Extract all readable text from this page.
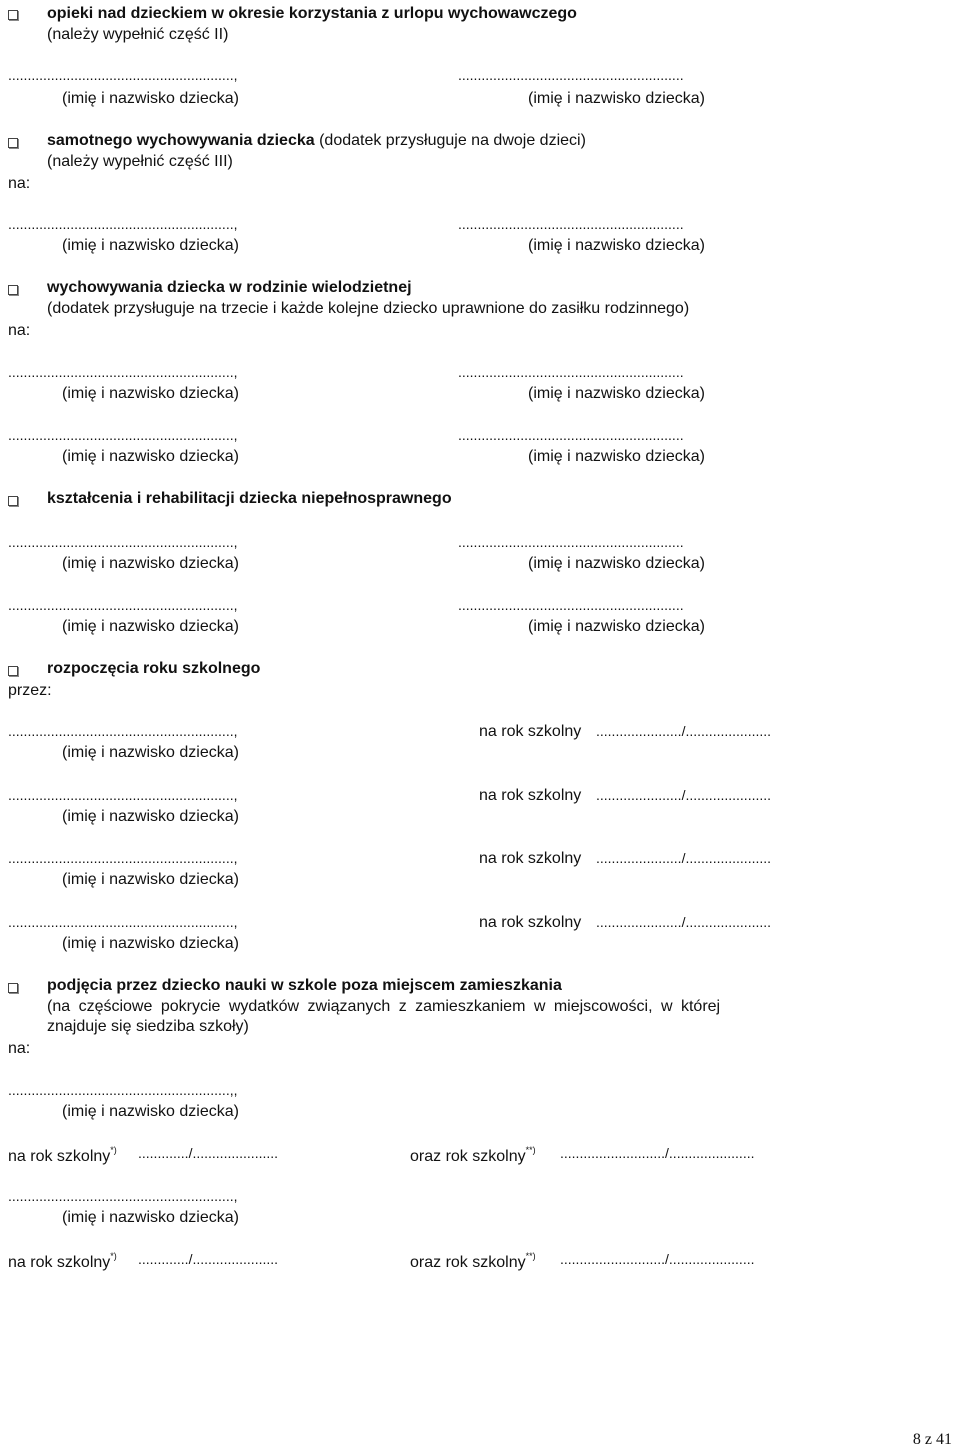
opieki nad dzieckiem w okresie korzystania z urlopu wychowawczego
(należy wypełnić część II)
..........................................................,	..........................................................
(imię i nazwisko dziecka)	(imię i nazwisko dziecka)
samotnego wychowywania dziecka (dodatek przysługuje na dwoje dzieci)
(należy wypełnić część III)
na:
..........................................................,	..........................................................
(imię i nazwisko dziecka)	(imię i nazwisko dziecka)
wychowywania dziecka w rodzinie wielodzietnej
(dodatek przysługuje na trzecie i każde kolejne dziecko uprawnione do zasiłku rodzinnego)
na:
..........................................................,	..........................................................
(imię i nazwisko dziecka)	(imię i nazwisko dziecka)
..........................................................,	..........................................................
(imię i nazwisko dziecka)	(imię i nazwisko dziecka)
kształcenia i rehabilitacji dziecka niepełnosprawnego
..........................................................,	..........................................................
(imię i nazwisko dziecka)	(imię i nazwisko dziecka)
..........................................................,	..........................................................
(imię i nazwisko dziecka)	(imię i nazwisko dziecka)
rozpoczęcia roku szkolnego
przez:
..........................................................,	na rok szkolny ....................../......................
(imię i nazwisko dziecka)
..........................................................,	na rok szkolny ....................../......................
(imię i nazwisko dziecka)
..........................................................,	na rok szkolny ....................../......................
(imię i nazwisko dziecka)
..........................................................,	na rok szkolny ....................../......................
(imię i nazwisko dziecka)
podjęcia przez dziecko nauki w szkole poza miejscem zamieszkania
(na częściowe pokrycie wydatków związanych z zamieszkaniem w miejscowości, w której
znajduje się siedziba szkoły)
na:
.........................................................,,
(imię i nazwisko dziecka)
na rok szkolny*) ............./......................	oraz rok szkolny**) .........................../......................
..........................................................,
(imię i nazwisko dziecka)
na rok szkolny*) ............./......................	oraz rok szkolny**) .........................../......................
8 z 41
